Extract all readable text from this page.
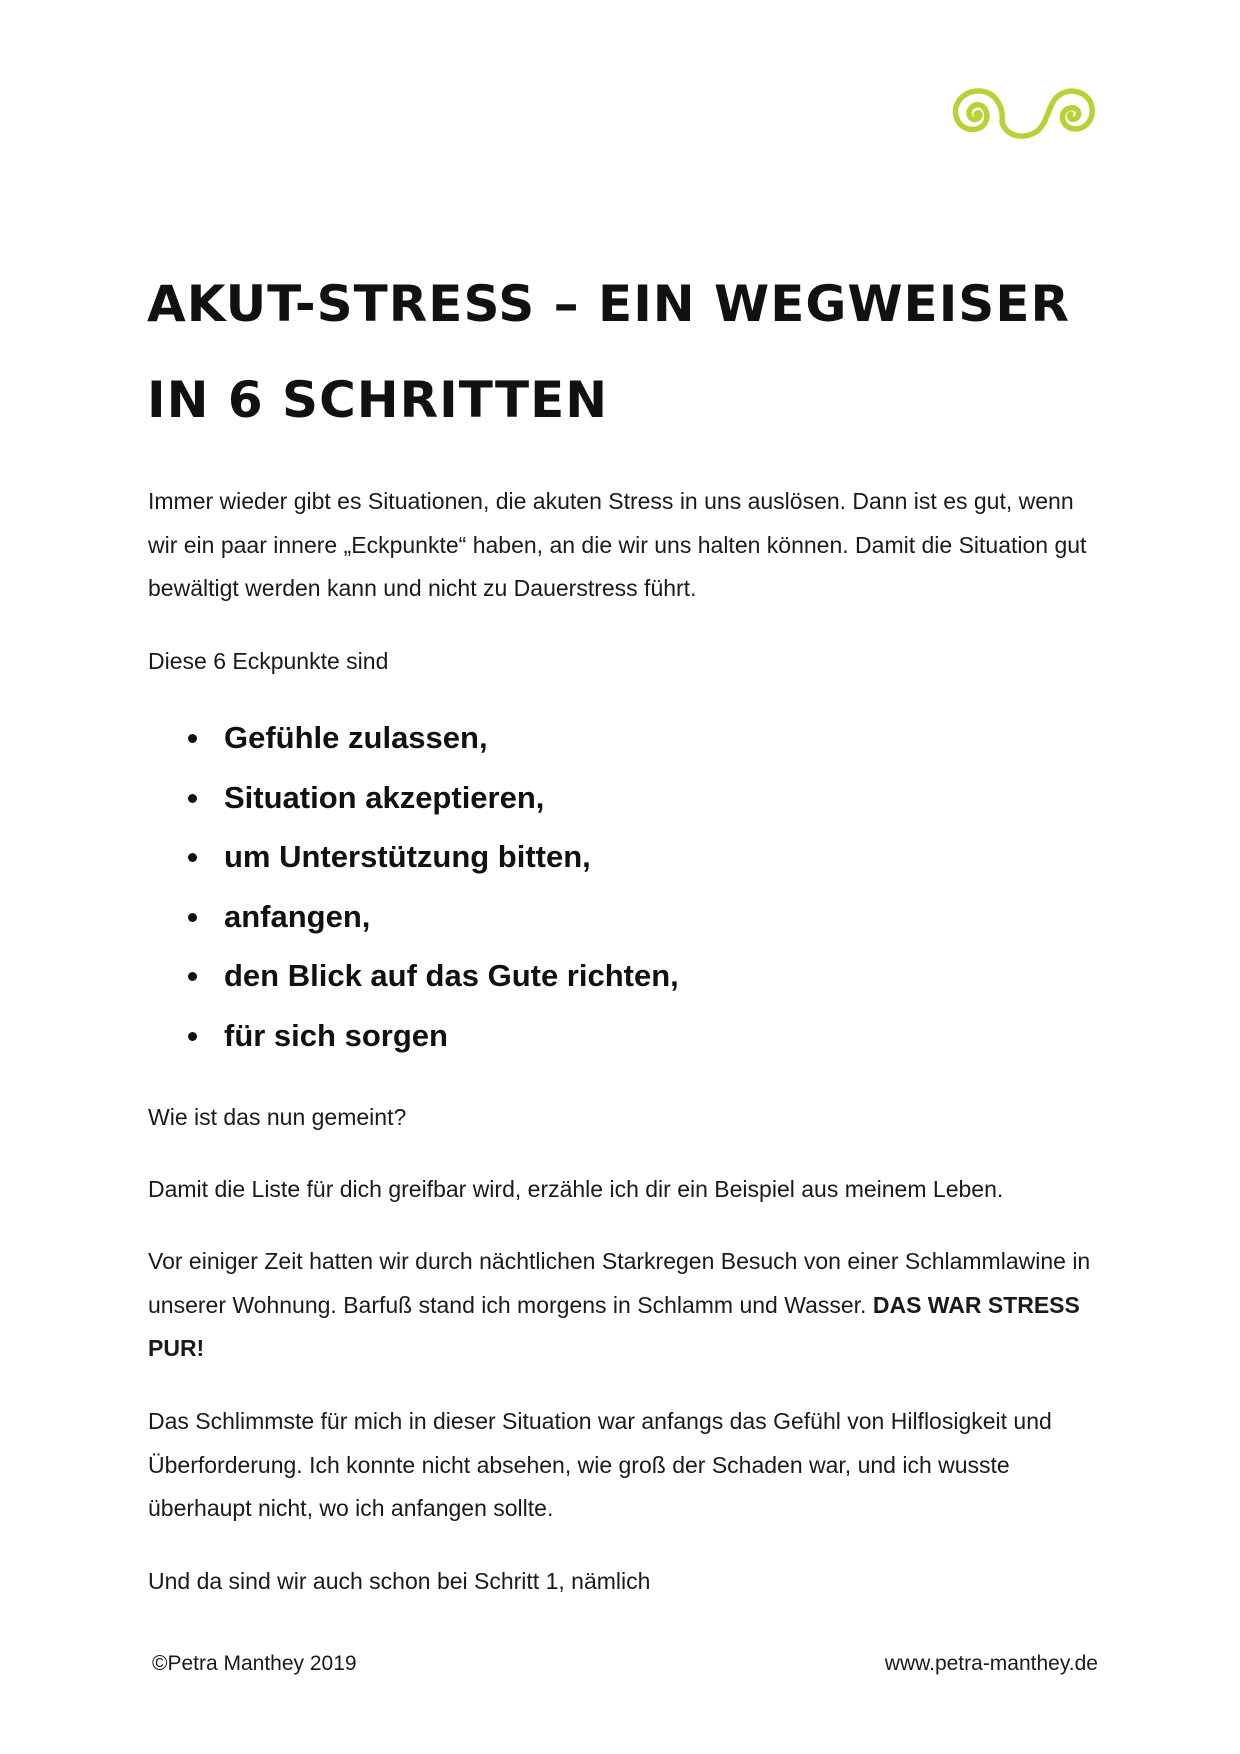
AKUT-STRESS – EIN WEGWEISER
IN 6 SCHRITTEN

Immer wieder gibt es Situationen, die akuten Stress in uns auslösen. Dann ist es gut, wenn wir ein paar innere „Eckpunkte“ haben, an die wir uns halten können. Damit die Situation gut bewältigt werden kann und nicht zu Dauerstress führt.

Diese 6 Eckpunkte sind

Gefühle zulassen,
Situation akzeptieren,
um Unterstützung bitten,
anfangen,
den Blick auf das Gute richten,
für sich sorgen

Wie ist das nun gemeint?

Damit die Liste für dich greifbar wird, erzähle ich dir ein Beispiel aus meinem Leben.

Vor einiger Zeit hatten wir durch nächtlichen Starkregen Besuch von einer Schlammlawine in unserer Wohnung. Barfuß stand ich morgens in Schlamm und Wasser. DAS WAR STRESS PUR!

Das Schlimmste für mich in dieser Situation war anfangs das Gefühl von Hilflosigkeit und Überforderung. Ich konnte nicht absehen, wie groß der Schaden war, und ich wusste überhaupt nicht, wo ich anfangen sollte.

Und da sind wir auch schon bei Schritt 1, nämlich

©Petra Manthey 2019	www.petra-manthey.de
